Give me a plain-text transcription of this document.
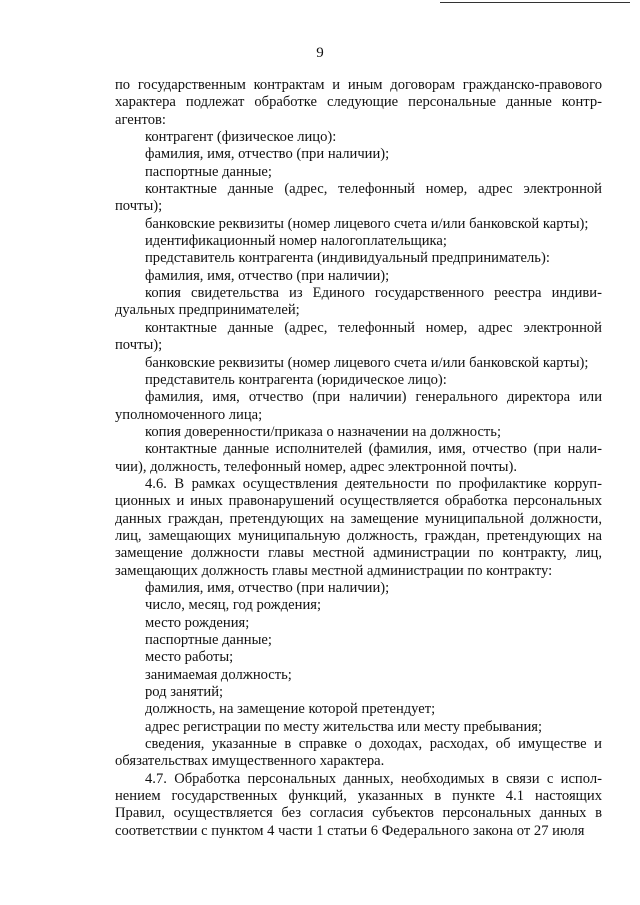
9

по государственным контрактам и иным договорам гражданско-правового характера подлежат обработке следующие персональные данные контрагентов:

контрагент (физическое лицо):

фамилия, имя, отчество (при наличии);

паспортные данные;

контактные данные (адрес, телефонный номер, адрес электронной почты);

банковские реквизиты (номер лицевого счета и/или банковской карты);

идентификационный номер налогоплательщика;

представитель контрагента (индивидуальный предприниматель):

фамилия, имя, отчество (при наличии);

копия свидетельства из Единого государственного реестра индивидуальных предпринимателей;

контактные данные (адрес, телефонный номер, адрес электронной почты);

банковские реквизиты (номер лицевого счета и/или банковской карты);

представитель контрагента (юридическое лицо):

фамилия, имя, отчество (при наличии) генерального директора или уполномоченного лица;

копия доверенности/приказа о назначении на должность;

контактные данные исполнителей (фамилия, имя, отчество (при наличии), должность, телефонный номер, адрес электронной почты).

4.6. В рамках осуществления деятельности по профилактике коррупционных и иных правонарушений осуществляется обработка персональных данных граждан, претендующих на замещение муниципальной должности, лиц, замещающих муниципальную должность, граждан, претендующих на замещение должности главы местной администрации по контракту, лиц, замещающих должность главы местной администрации по контракту:

фамилия, имя, отчество (при наличии);

число, месяц, год рождения;

место рождения;

паспортные данные;

место работы;

занимаемая должность;

род занятий;

должность, на замещение которой претендует;

адрес регистрации по месту жительства или месту пребывания;

сведения, указанные в справке о доходах, расходах, об имуществе и обязательствах имущественного характера.

4.7. Обработка персональных данных, необходимых в связи с исполнением государственных функций, указанных в пункте 4.1 настоящих Правил, осуществляется без согласия субъектов персональных данных в соответствии с пунктом 4 части 1 статьи 6 Федерального закона от 27 июля
